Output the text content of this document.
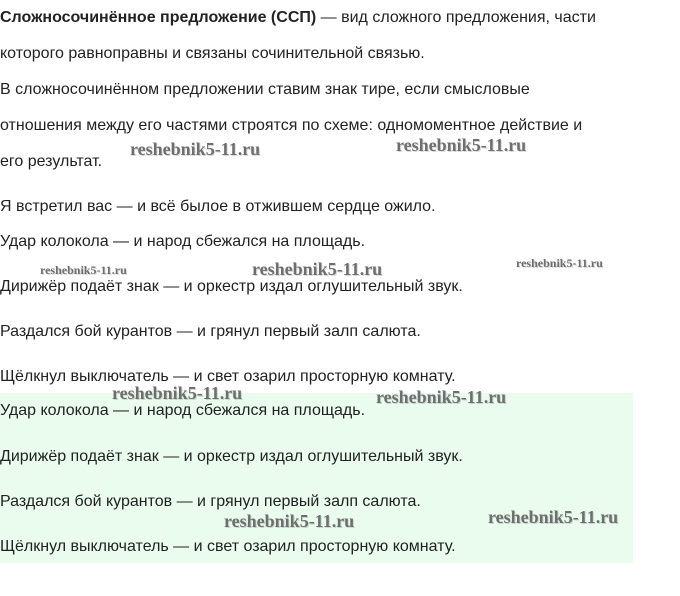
Сложносочинённое предложение (ССП) — вид сложного предложения, части
которого равноправны и связаны сочинительной связью.
В сложносочинённом предложении ставим знак тире, если смысловые
отношения между его частями строятся по схеме: одномоментное действие и
его результат.
Я встретил вас — и всё былое в отжившем сердце ожило.
Удар колокола — и народ сбежался на площадь.
Дирижёр подаёт знак — и оркестр издал оглушительный звук.
Раздался бой курантов — и грянул первый залп салюта.
Щёлкнул выключатель — и свет озарил просторную комнату.
Удар колокола — и народ сбежался на площадь.
Дирижёр подаёт знак — и оркестр издал оглушительный звук.
Раздался бой курантов — и грянул первый залп салюта.
Щёлкнул выключатель — и свет озарил просторную комнату.
reshebnik5-11.ru	reshebnik5-11.ru
reshebnik5-11.ru	reshebnik5-11.ru	reshebnik5-11.ru
reshebnik5-11.ru	reshebnik5-11.ru
reshebnik5-11.ru	reshebnik5-11.ru
